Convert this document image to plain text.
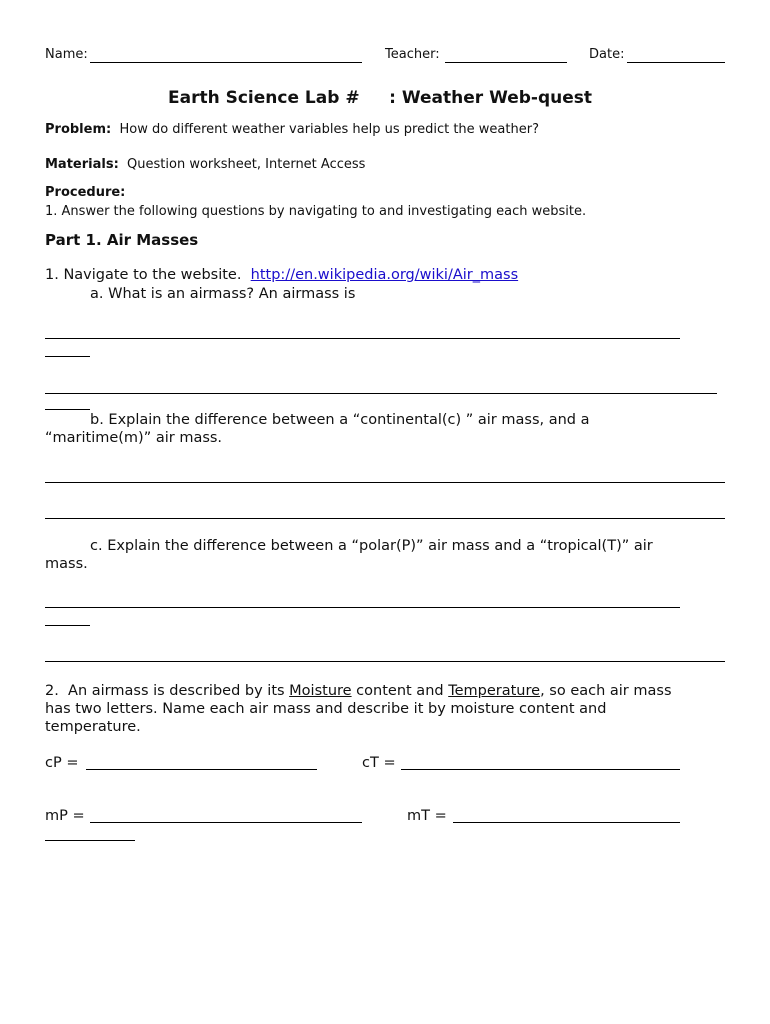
Name:	Teacher:	Date:
Earth Science Lab #     : Weather Web-quest
Problem: How do different weather variables help us predict the weather?
Materials: Question worksheet, Internet Access
Procedure:
1. Answer the following questions by navigating to and investigating each website.
Part 1. Air Masses
1. Navigate to the website. http://en.wikipedia.org/wiki/Air_mass
a. What is an airmass? An airmass is
b. Explain the difference between a “continental(c) ” air mass, and a
“maritime(m)” air mass.
c. Explain the difference between a “polar(P)” air mass and a “tropical(T)” air
mass.
2.  An airmass is described by its Moisture content and Temperature, so each air mass
has two letters. Name each air mass and describe it by moisture content and
temperature.
cP =	cT =
mP =	mT =
